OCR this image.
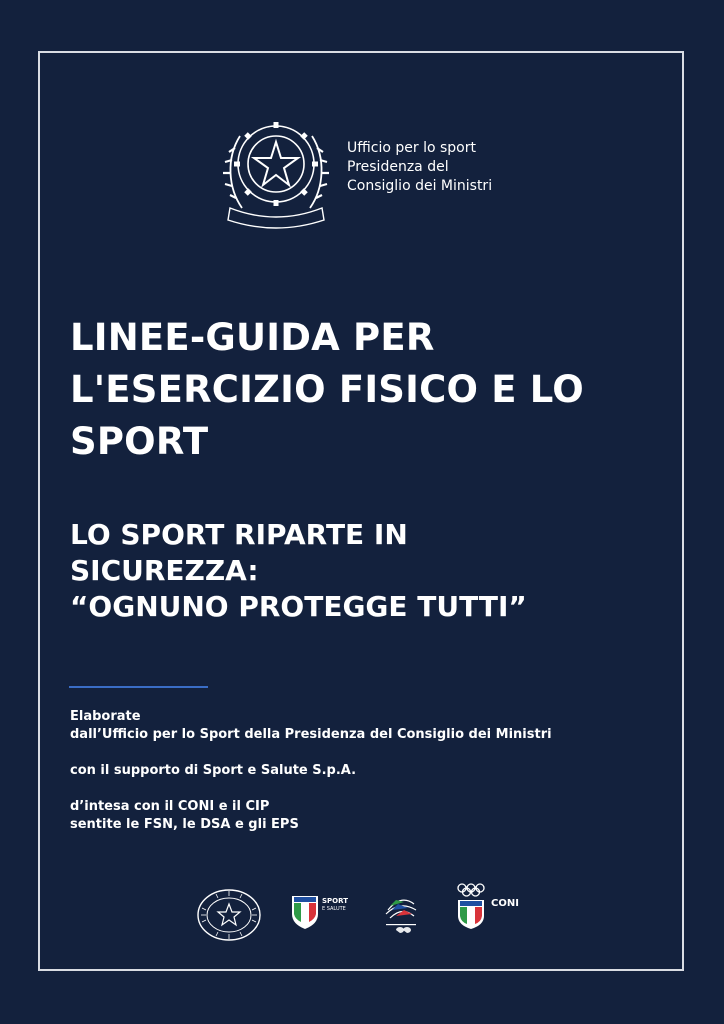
Ufficio per lo sport
Presidenza del
Consiglio dei Ministri
LINEE-GUIDA PER
L'ESERCIZIO FISICO E LO
SPORT
LO SPORT RIPARTE IN
SICUREZZA:
“OGNUNO PROTEGGE TUTTI”
Elaborate
dall’Ufficio per lo Sport della Presidenza del Consiglio dei Ministri
con il supporto di Sport e Salute S.p.A.
d’intesa con il CONI e il CIP
sentite le FSN, le DSA e gli EPS
SPORT
E SALUTE	CONI
